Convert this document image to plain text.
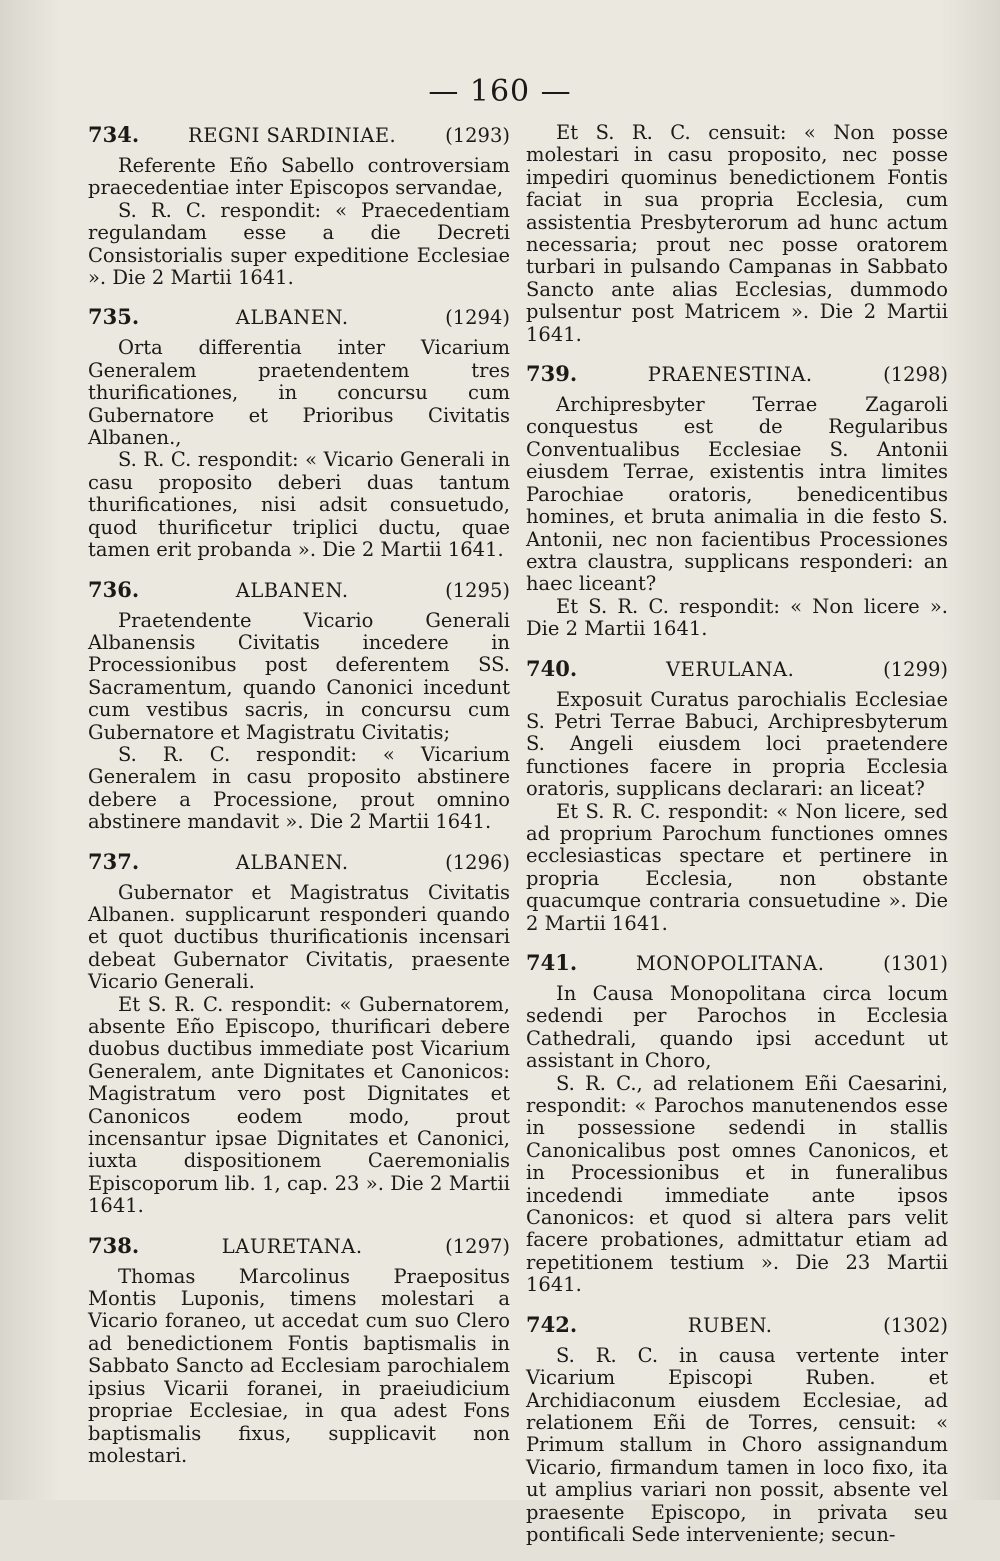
— 160 —
734.	REGNI SARDINIAE.	(1293)

Referente Eño Sabello controversiam praecedentiae inter Episcopos servandae,

S. R. C. respondit: « Praecedentiam regulandam esse a die Decreti Consistorialis super expeditione Ecclesiae ». Die 2 Martii 1641.

735.	ALBANEN.	(1294)

Orta differentia inter Vicarium Generalem praetendentem tres thurificationes, in concursu cum Gubernatore et Prioribus Civitatis Albanen.,

S. R. C. respondit: « Vicario Generali in casu proposito deberi duas tantum thurificationes, nisi adsit consuetudo, quod thurificetur triplici ductu, quae tamen erit probanda ». Die 2 Martii 1641.

736.	ALBANEN.	(1295)

Praetendente Vicario Generali Albanensis Civitatis incedere in Processionibus post deferentem SS. Sacramentum, quando Canonici incedunt cum vestibus sacris, in concursu cum Gubernatore et Magistratu Civitatis;

S. R. C. respondit: « Vicarium Generalem in casu proposito abstinere debere a Processione, prout omnino abstinere mandavit ». Die 2 Martii 1641.

737.	ALBANEN.	(1296)

Gubernator et Magistratus Civitatis Albanen. supplicarunt responderi quando et quot ductibus thurificationis incensari debeat Gubernator Civitatis, praesente Vicario Generali.

Et S. R. C. respondit: « Gubernatorem, absente Eño Episcopo, thurificari debere duobus ductibus immediate post Vicarium Generalem, ante Dignitates et Canonicos: Magistratum vero post Dignitates et Canonicos eodem modo, prout incensantur ipsae Dignitates et Canonici, iuxta dispositionem Caeremonialis Episcoporum lib. 1, cap. 23 ». Die 2 Martii 1641.

738.	LAURETANA.	(1297)

Thomas Marcolinus Praepositus Montis Luponis, timens molestari a Vicario foraneo, ut accedat cum suo Clero ad benedictionem Fontis baptismalis in Sabbato Sancto ad Ecclesiam parochialem ipsius Vicarii foranei, in praeiudicium propriae Ecclesiae, in qua adest Fons baptismalis fixus, supplicavit non molestari.

Et S. R. C. censuit: « Non posse molestari in casu proposito, nec posse impediri quominus benedictionem Fontis faciat in sua propria Ecclesia, cum assistentia Presbyterorum ad hunc actum necessaria; prout nec posse oratorem turbari in pulsando Campanas in Sabbato Sancto ante alias Ecclesias, dummodo pulsentur post Matricem ». Die 2 Martii 1641.

739.	PRAENESTINA.	(1298)

Archipresbyter Terrae Zagaroli conquestus est de Regularibus Conventualibus Ecclesiae S. Antonii eiusdem Terrae, existentis intra limites Parochiae oratoris, benedicentibus homines, et bruta animalia in die festo S. Antonii, nec non facientibus Processiones extra claustra, supplicans responderi: an haec liceant?

Et S. R. C. respondit: « Non licere ». Die 2 Martii 1641.

740.	VERULANA.	(1299)

Exposuit Curatus parochialis Ecclesiae S. Petri Terrae Babuci, Archipresbyterum S. Angeli eiusdem loci praetendere functiones facere in propria Ecclesia oratoris, supplicans declarari: an liceat?

Et S. R. C. respondit: « Non licere, sed ad proprium Parochum functiones omnes ecclesiasticas spectare et pertinere in propria Ecclesia, non obstante quacumque contraria consuetudine ». Die 2 Martii 1641.

741.	MONOPOLITANA.	(1301)

In Causa Monopolitana circa locum sedendi per Parochos in Ecclesia Cathedrali, quando ipsi accedunt ut assistant in Choro,

S. R. C., ad relationem Eñi Caesarini, respondit: « Parochos manutenendos esse in possessione sedendi in stallis Canonicalibus post omnes Canonicos, et in Processionibus et in funeralibus incedendi immediate ante ipsos Canonicos: et quod si altera pars velit facere probationes, admittatur etiam ad repetitionem testium ». Die 23 Martii 1641.

742.	RUBEN.	(1302)

S. R. C. in causa vertente inter Vicarium Episcopi Ruben. et Archidiaconum eiusdem Ecclesiae, ad relationem Eñi de Torres, censuit: « Primum stallum in Choro assignandum Vicario, firmandum tamen in loco fixo, ita ut amplius variari non possit, absente vel praesente Episcopo, in privata seu pontificali Sede interveniente; secun-
